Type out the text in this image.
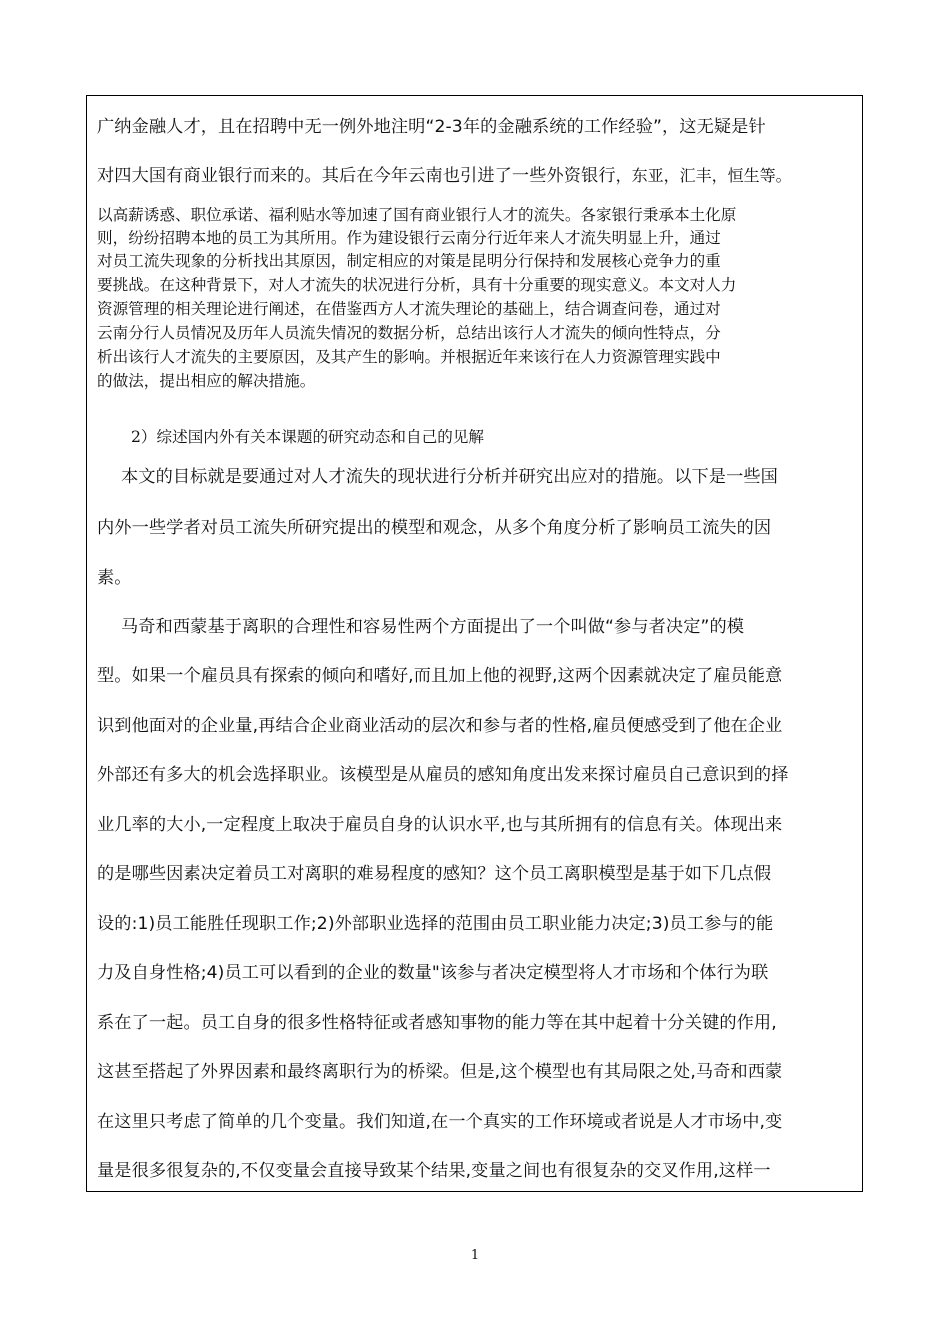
广纳金融人才，且在招聘中无一例外地注明“2-3年的金融系统的工作经验”，这无疑是针
对四大国有商业银行而来的。其后在今年云南也引进了一些外资银行，东亚，汇丰，恒生等。
以高薪诱惑、职位承诺、福利贴水等加速了国有商业银行人才的流失。各家银行秉承本土化原
则，纷纷招聘本地的员工为其所用。作为建设银行云南分行近年来人才流失明显上升，通过
对员工流失现象的分析找出其原因，制定相应的对策是昆明分行保持和发展核心竞争力的重
要挑战。在这种背景下，对人才流失的状况进行分析，具有十分重要的现实意义。本文对人力
资源管理的相关理论进行阐述，在借鉴西方人才流失理论的基础上，结合调查问卷，通过对
云南分行人员情况及历年人员流失情况的数据分析，总结出该行人才流失的倾向性特点，分
析出该行人才流失的主要原因，及其产生的影响。并根据近年来该行在人力资源管理实践中
的做法，提出相应的解决措施。
2）综述国内外有关本课题的研究动态和自己的见解
本文的目标就是要通过对人才流失的现状进行分析并研究出应对的措施。以下是一些国
内外一些学者对员工流失所研究提出的模型和观念，从多个角度分析了影响员工流失的因
素。
马奇和西蒙基于离职的合理性和容易性两个方面提出了一个叫做“参与者决定”的模
型。如果一个雇员具有探索的倾向和嗜好,而且加上他的视野,这两个因素就决定了雇员能意
识到他面对的企业量,再结合企业商业活动的层次和参与者的性格,雇员便感受到了他在企业
外部还有多大的机会选择职业。该模型是从雇员的感知角度出发来探讨雇员自己意识到的择
业几率的大小,一定程度上取决于雇员自身的认识水平,也与其所拥有的信息有关。体现出来
的是哪些因素决定着员工对离职的难易程度的感知？这个员工离职模型是基于如下几点假
设的:1)员工能胜任现职工作;2)外部职业选择的范围由员工职业能力决定;3)员工参与的能
力及自身性格;4)员工可以看到的企业的数量"该参与者决定模型将人才市场和个体行为联
系在了一起。员工自身的很多性格特征或者感知事物的能力等在其中起着十分关键的作用,
这甚至搭起了外界因素和最终离职行为的桥梁。但是,这个模型也有其局限之处,马奇和西蒙
在这里只考虑了简单的几个变量。我们知道,在一个真实的工作环境或者说是人才市场中,变
量是很多很复杂的,不仅变量会直接导致某个结果,变量之间也有很复杂的交叉作用,这样一
1
